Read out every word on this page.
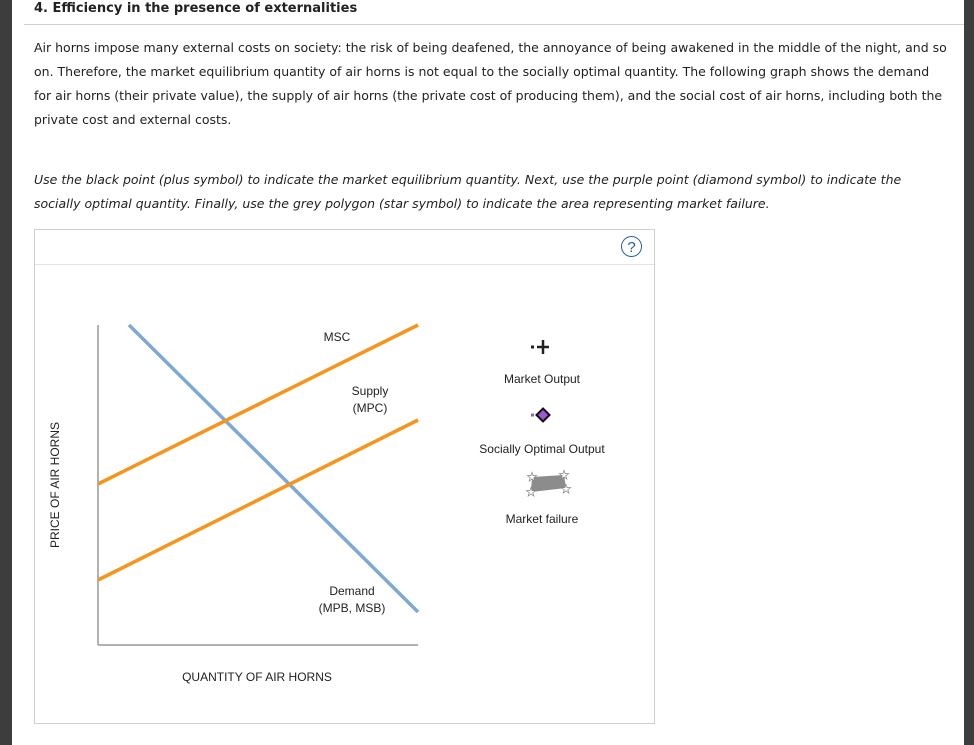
4. Efficiency in the presence of externalities
Air horns impose many external costs on society: the risk of being deafened, the annoyance of being awakened in the middle of the night, and so on. Therefore, the market equilibrium quantity of air horns is not equal to the socially optimal quantity. The following graph shows the demand for air horns (their private value), the supply of air horns (the private cost of producing them), and the social cost of air horns, including both the private cost and external costs.
Use the black point (plus symbol) to indicate the market equilibrium quantity. Next, use the purple point (diamond symbol) to indicate the socially optimal quantity. Finally, use the grey polygon (star symbol) to indicate the area representing market failure.
?
PRICE OF AIR HORNS
QUANTITY OF AIR HORNS
MSC
Supply
(MPC)
Demand
(MPB, MSB)
★ ★
★
★
Market Output
Socially Optimal Output
Market failure
